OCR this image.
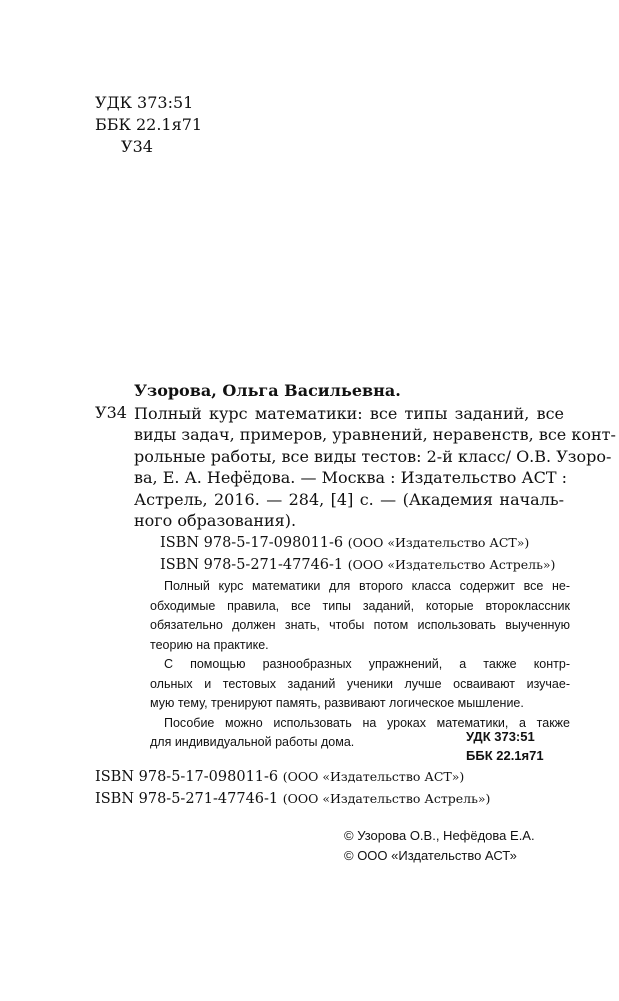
УДК 373:51
ББК 22.1я71
У34
Узорова, Ольга Васильевна.
У34 Полный курс математики: все типы заданий, все
виды задач, примеров, уравнений, неравенств, все конт-
рольные работы, все виды тестов: 2-й класс/ О.В. Узоро-
ва, Е. А. Нефёдова. — Москва : Издательство АСТ :
Астрель, 2016. — 284, [4] с. — (Академия началь-
ного образования).
ISBN 978-5-17-098011-6 (ООО «Издательство АСТ»)
ISBN 978-5-271-47746-1 (ООО «Издательство Астрель»)
Полный курс математики для второго класса содержит все не-
обходимые правила, все типы заданий, которые второклассник
обязательно должен знать, чтобы потом использовать выученную
теорию на практике.
С помощью разнообразных упражнений, а также контр-
ольных и тестовых заданий ученики лучше осваивают изучае-
мую тему, тренируют память, развивают логическое мышление.
Пособие можно использовать на уроках математики, а также
для индивидуальной работы дома.	УДК 373:51
ББК 22.1я71
ISBN 978-5-17-098011-6 (ООО «Издательство АСТ»)
ISBN 978-5-271-47746-1 (ООО «Издательство Астрель»)
© Узорова О.В., Нефёдова Е.А.
© ООО «Издательство АСТ»
